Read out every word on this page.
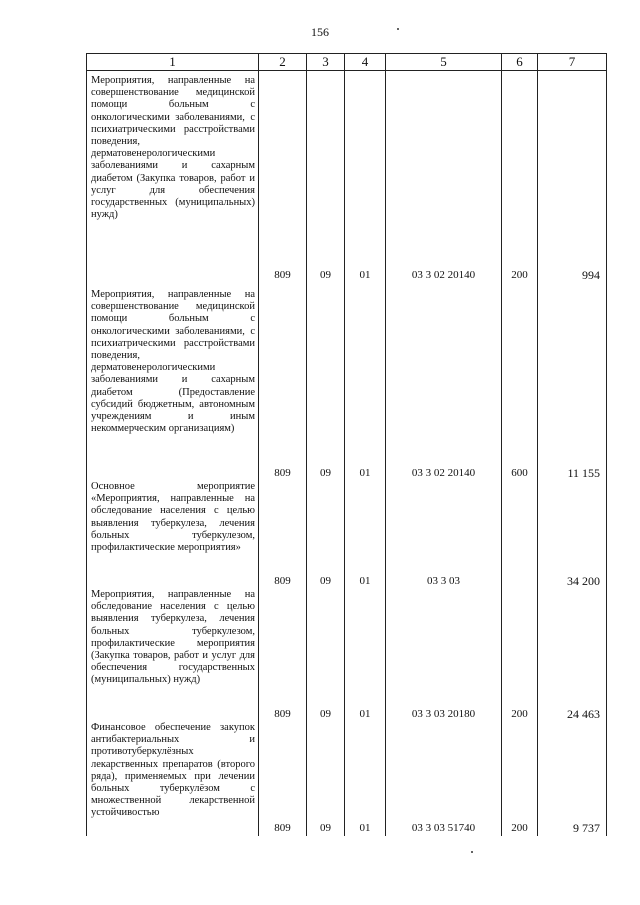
156
1	2	3	4	5	6	7
Мероприятия, направленные на совершенствование медицинской помощи больным с онкологическими заболеваниями, с психиатрическими расстройствами поведения, дерматовенерологическими заболеваниями и сахарным диабетом (Закупка товаров, работ и услуг для обеспечения государственных (муниципальных) нужд)	809	09	01	03 3 02 20140	200	994
Мероприятия, направленные на совершенствование медицинской помощи больным с онкологическими заболеваниями, с психиатрическими расстройствами поведения, дерматовенерологическими заболеваниями и сахарным диабетом (Предоставление субсидий бюджетным, автономным учреждениям и иным некоммерческим организациям)	809	09	01	03 3 02 20140	600	11 155
Основное мероприятие «Мероприятия, направленные на обследование населения с целью выявления туберкулеза, лечения больных туберкулезом, профилактические мероприятия»	809	09	01	03 3 03		34 200
Мероприятия, направленные на обследование населения с целью выявления туберкулеза, лечения больных туберкулезом, профилактические мероприятия (Закупка товаров, работ и услуг для обеспечения государственных (муниципальных) нужд)	809	09	01	03 3 03 20180	200	24 463
Финансовое обеспечение закупок антибактериальных и противотуберкулёзных лекарственных препаратов (второго ряда), применяемых при лечении больных туберкулёзом с множественной лекарственной устойчивостью	809	09	01	03 3 03 51740	200	9 737
